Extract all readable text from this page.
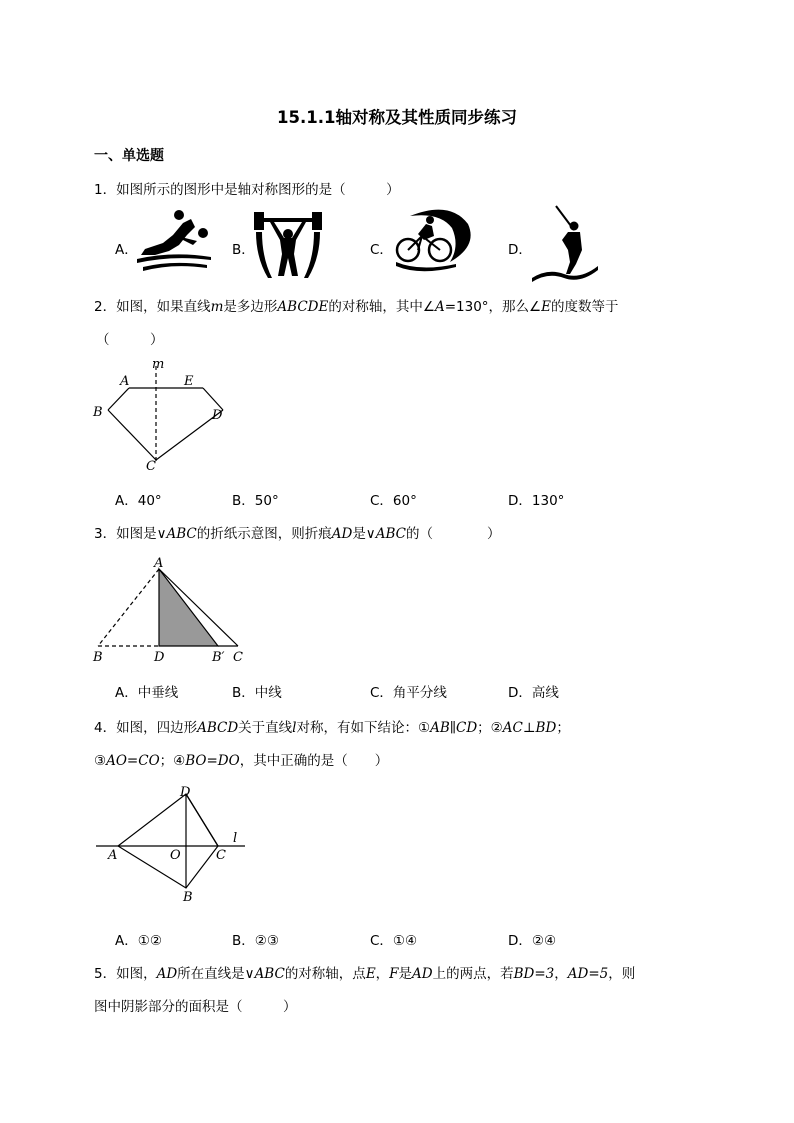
15.1.1轴对称及其性质同步练习
一、单选题
1．如图所示的图形中是轴对称图形的是（　　　）
A．	B．	C．	D．
2．如图，如果直线m是多边形ABCDE的对称轴，其中∠A=130°，那么∠E的度数等于
（　　　）
m
A	E
B	D
C
A．40°	B．50°	C．60°	D．130°
3．如图是∨ABC的折纸示意图，则折痕AD是∨ABC的（　　　　）
A
B	D	B′ C
A．中垂线	B．中线	C．角平分线	D．高线
4．如图，四边形ABCD关于直线l对称，有如下结论：①AB∥CD；②AC⊥BD；
③AO=CO；④BO=DO，其中正确的是（　　）
D
l
A	O	C
B
A．①②	B．②③	C．①④	D．②④
5．如图，AD所在直线是∨ABC的对称轴，点E，F是AD上的两点，若BD=3，AD=5，则
图中阴影部分的面积是（　　　）
